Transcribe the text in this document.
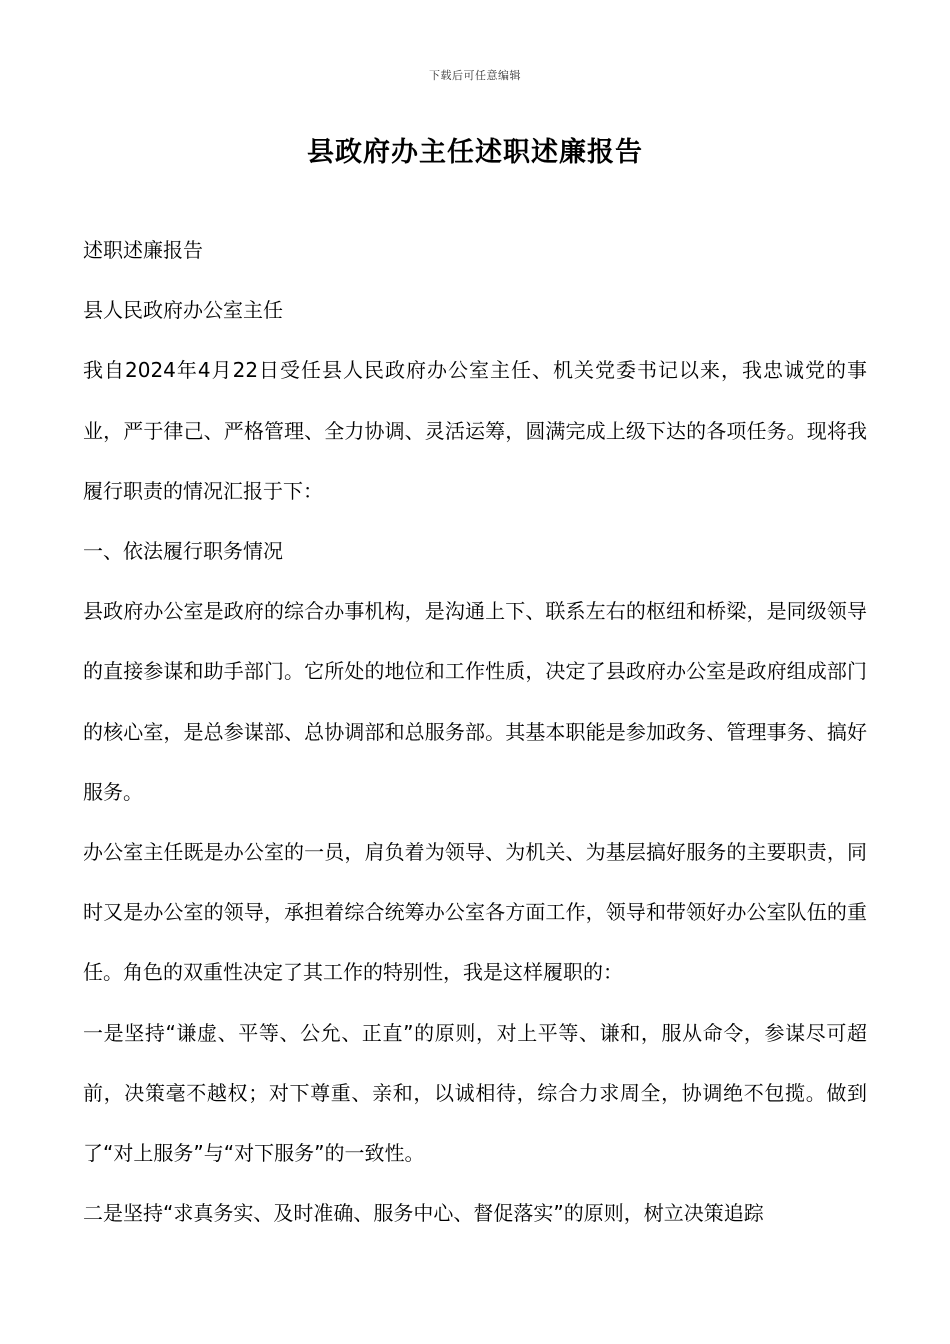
下载后可任意编辑
县政府办主任述职述廉报告

述职述廉报告

县人民政府办公室主任

我自2024年4月22日受任县人民政府办公室主任、机关党委书记以来，我忠诚党的事业，严于律己、严格管理、全力协调、灵活运筹，圆满完成上级下达的各项任务。现将我履行职责的情况汇报于下：

一、依法履行职务情况

县政府办公室是政府的综合办事机构，是沟通上下、联系左右的枢纽和桥梁，是同级领导的直接参谋和助手部门。它所处的地位和工作性质，决定了县政府办公室是政府组成部门的核心室，是总参谋部、总协调部和总服务部。其基本职能是参加政务、管理事务、搞好服务。

办公室主任既是办公室的一员，肩负着为领导、为机关、为基层搞好服务的主要职责，同时又是办公室的领导，承担着综合统筹办公室各方面工作，领导和带领好办公室队伍的重任。角色的双重性决定了其工作的特别性，我是这样履职的：

一是坚持“谦虚、平等、公允、正直”的原则，对上平等、谦和，服从命令，参谋尽可超前，决策毫不越权；对下尊重、亲和，以诚相待，综合力求周全，协调绝不包揽。做到了“对上服务”与“对下服务”的一致性。

二是坚持“求真务实、及时准确、服务中心、督促落实”的原则，树立决策追踪
